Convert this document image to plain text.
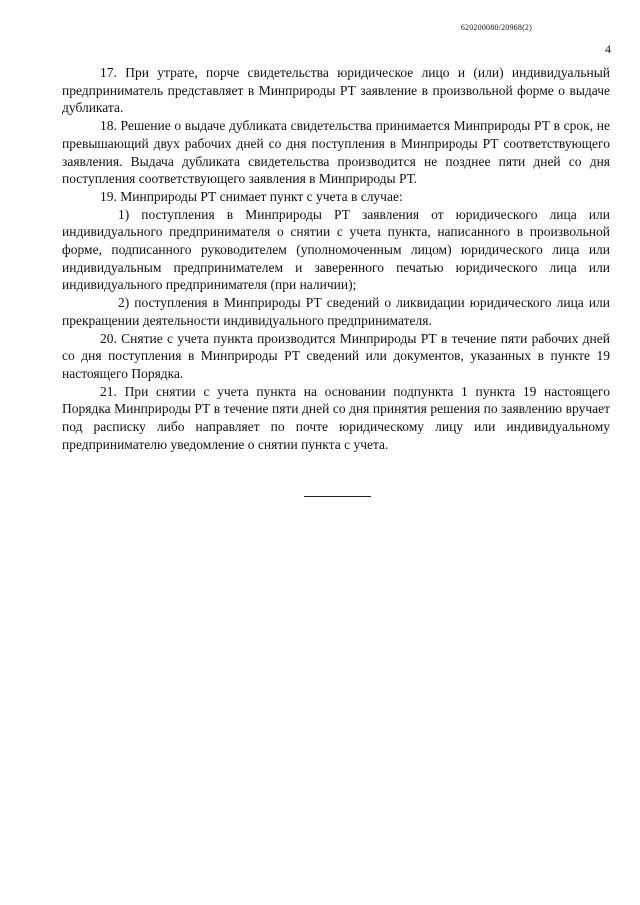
620200080/20968(2)
4

17. При утрате, порче свидетельства юридическое лицо и (или) индивидуальный предприниматель представляет в Минприроды РТ заявление в произвольной форме о выдаче дубликата.

18. Решение о выдаче дубликата свидетельства принимается Минприроды РТ в срок, не превышающий двух рабочих дней со дня поступления в Минприроды РТ соответствующего заявления. Выдача дубликата свидетельства производится не позднее пяти дней со дня поступления соответствующего заявления в Минприроды РТ.

19. Минприроды РТ снимает пункт с учета в случае:

1) поступления в Минприроды РТ заявления от юридического лица или индивидуального предпринимателя о снятии с учета пункта, написанного в произвольной форме, подписанного руководителем (уполномоченным лицом) юридического лица или индивидуальным предпринимателем и заверенного печатью юридического лица или индивидуального предпринимателя (при наличии);

2) поступления в Минприроды РТ сведений о ликвидации юридического лица или прекращении деятельности индивидуального предпринимателя.

20. Снятие с учета пункта производится Минприроды РТ в течение пяти рабочих дней со дня поступления в Минприроды РТ сведений или документов, указанных в пункте 19 настоящего Порядка.

21. При снятии с учета пункта на основании подпункта 1 пункта 19 настоящего Порядка Минприроды РТ в течение пяти дней со дня принятия решения по заявлению вручает под расписку либо направляет по почте юридическому лицу или индивидуальному предпринимателю уведомление о снятии пункта с учета.
